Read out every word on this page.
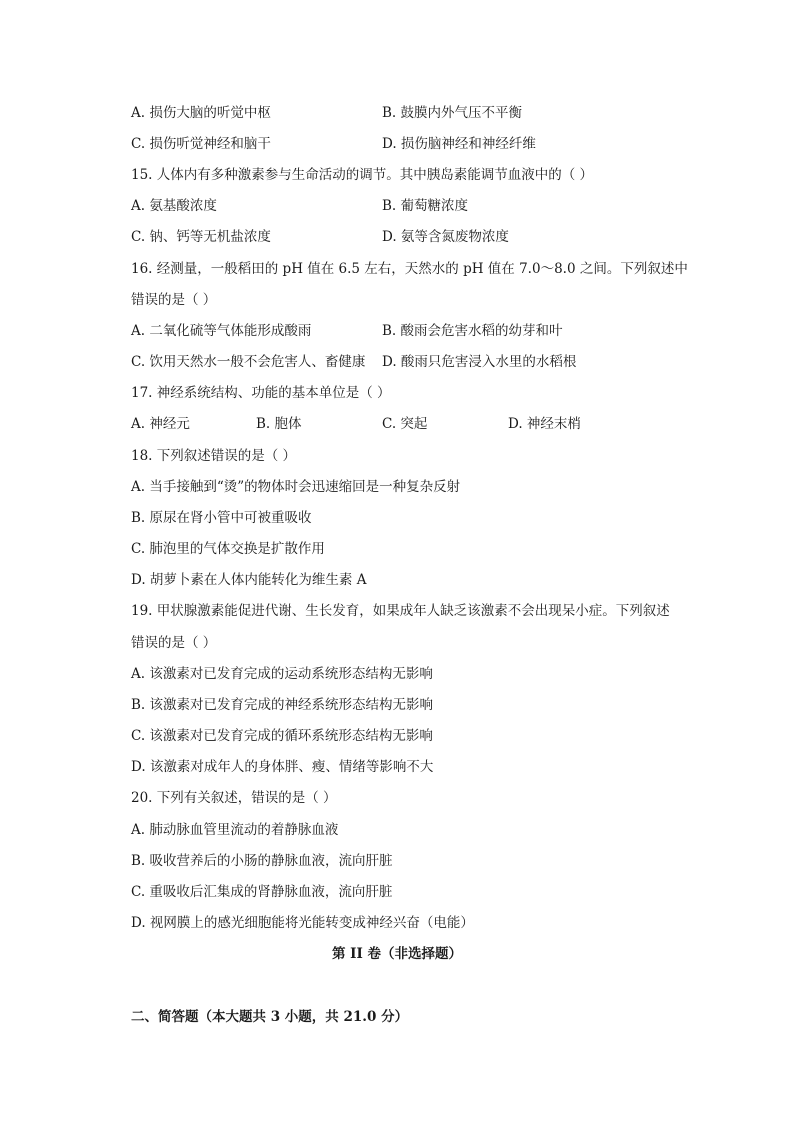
A. 损伤大脑的听觉中枢	B. 鼓膜内外气压不平衡
C. 损伤听觉神经和脑干	D. 损伤脑神经和神经纤维
15. 人体内有多种激素参与生命活动的调节。其中胰岛素能调节血液中的（ ）
A. 氨基酸浓度	B. 葡萄糖浓度
C. 钠、钙等无机盐浓度	D. 氨等含氮废物浓度
16. 经测量，一般稻田的 pH 值在 6.5 左右，天然水的 pH 值在 7.0～8.0 之间。下列叙述中
错误的是（ ）
A. 二氧化硫等气体能形成酸雨	B. 酸雨会危害水稻的幼芽和叶
C. 饮用天然水一般不会危害人、畜健康 D. 酸雨只危害浸入水里的水稻根
17. 神经系统结构、功能的基本单位是（ ）
A. 神经元	B. 胞体	C. 突起	D. 神经末梢
18. 下列叙述错误的是（ ）
A. 当手接触到“烫”的物体时会迅速缩回是一种复杂反射
B. 原尿在肾小管中可被重吸收
C. 肺泡里的气体交换是扩散作用
D. 胡萝卜素在人体内能转化为维生素 A
19. 甲状腺激素能促进代谢、生长发育，如果成年人缺乏该激素不会出现呆小症。下列叙述
错误的是（ ）
A. 该激素对已发育完成的运动系统形态结构无影响
B. 该激素对已发育完成的神经系统形态结构无影响
C. 该激素对已发育完成的循环系统形态结构无影响
D. 该激素对成年人的身体胖、瘦、情绪等影响不大
20. 下列有关叙述，错误的是（ ）
A. 肺动脉血管里流动的着静脉血液
B. 吸收营养后的小肠的静脉血液，流向肝脏
C. 重吸收后汇集成的肾静脉血液，流向肝脏
D. 视网膜上的感光细胞能将光能转变成神经兴奋（电能）
第 II 卷（非选择题）
二、简答题（本大题共 3 小题，共 21.0 分）
